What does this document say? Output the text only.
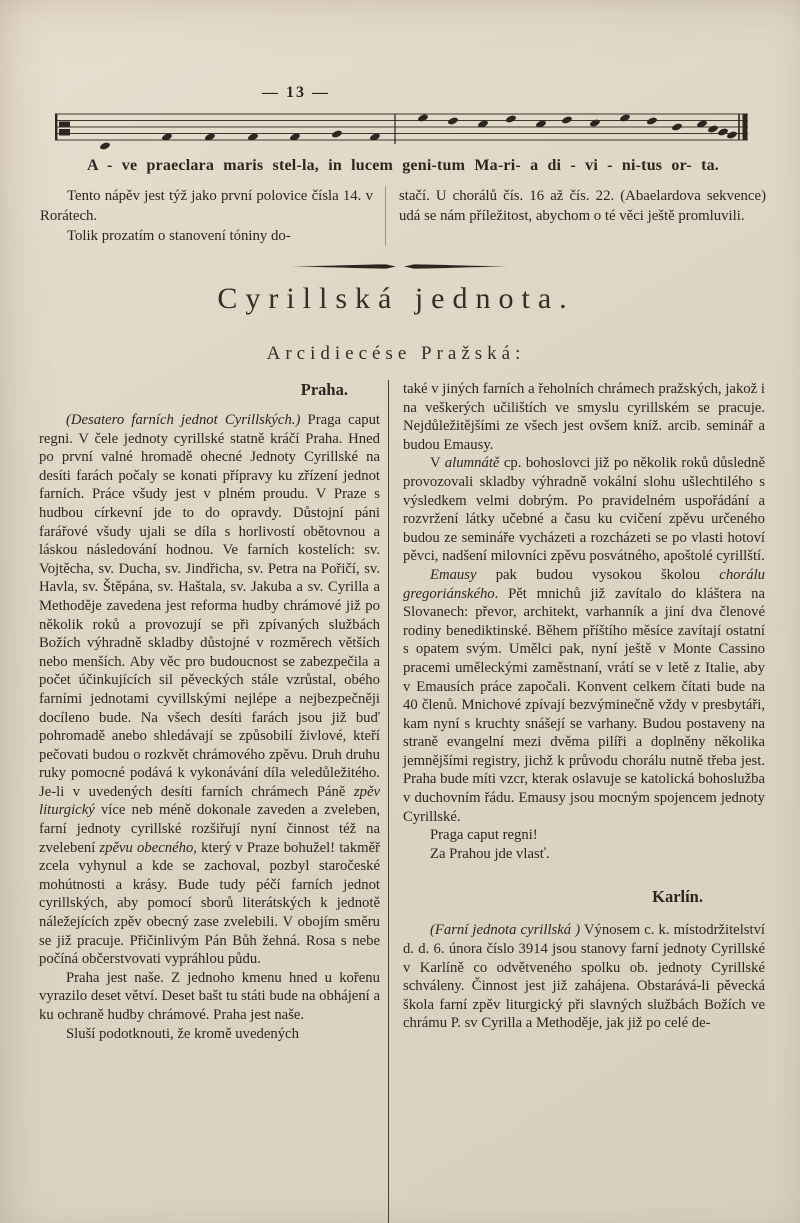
— 13 —
A - ve praeclara maris stel-la, in lucem geni-tum Ma-ri- a di - vi - ni-tus or- ta.

Tento nápěv jest týž jako první polovice čísla 14. v Rorátech.

Tolik prozatím o stanovení tóniny do-

stačí. U chorálů čís. 16 až čís. 22. (Abaelardova sekvence) udá se nám příležitost, abychom o té věci ještě promluvili.

Cyrillská jednota.
Arcidiecése Pražská:
Praha.

(Desatero farních jednot Cyrillských.) Praga caput regni. V čele jednoty cyrillské statně kráčí Praha. Hned po první valné hromadě ohecné Jednoty Cyrillské na desíti farách počaly se konati přípravy ku zřízení jednot farních. Práce všudy jest v plném proudu. V Praze s hudbou církevní jde to do opravdy. Důstojní páni farářové všudy ujali se díla s horlivostí obětovnou a láskou následování hodnou. Ve farních kostelích: sv. Vojtěcha, sv. Ducha, sv. Jindřicha, sv. Petra na Pořičí, sv. Havla, sv. Štěpána, sv. Haštala, sv. Jakuba a sv. Cyrilla a Methoděje zavedena jest reforma hudby chrámové již po několik roků a provozují se při zpívaných službách Božích výhradně skladby důstojné v rozměrech větších nebo menších. Aby věc pro budoucnost se zabezpečila a počet účinkujících sil pěveckých stále vzrůstal, obého farními jednotami cyvillskými nejlépe a nejbezpečněji docíleno bude. Na všech desíti farách jsou již buď pohromadě anebo shledávají se způsobilí živlové, kteří pečovati budou o rozkvět chrámového zpěvu. Druh druhu ruky pomocné podává k vykonávání díla veledůležitého. Je-li v uvedených desíti farních chrámech Páně zpěv liturgický více neb méně dokonale zaveden a zveleben, farní jednoty cyrillské rozšiřují nyní činnost též na zvelebení zpěvu obecného, který v Praze bohužel! takměř zcela vyhynul a kde se zachoval, pozbyl staročeské mohútnosti a krásy. Bude tudy péčí farních jednot cyrillských, aby pomocí sborů literátských k jednotě náležejících zpěv obecný zase zvelebili. V obojím směru se již pracuje. Přičinlivým Pán Bůh žehná. Rosa s nebe počíná občerstvovati vypráhlou půdu.

Praha jest naše. Z jednoho kmenu hned u kořenu vyrazilo deset větví. Deset bašt tu státi bude na obhájení a ku ochraně hudby chrámové. Praha jest naše.

Sluší podotknouti, že kromě uvedených

také v jiných farních a řeholních chrámech pražských, jakož i na veškerých učilištích ve smyslu cyrillském se pracuje. Nejdůležitějšími ze všech jest ovšem kníž. arcib. seminář a budou Emausy.

V alumnátě cp. bohoslovci již po několik roků důsledně provozovali skladby výhradně vokální slohu ušlechtilého s výsledkem velmi dobrým. Po pravidelném uspořádání a rozvržení látky učebné a času ku cvičení zpěvu určeného budou ze semináře vycházeti a rozcházeti se po vlasti hotoví pěvci, nadšení milovníci zpěvu posvátného, apoštolé cyrillští.

Emausy pak budou vysokou školou chorálu gregoriánského. Pět mnichů již zavítalo do kláštera na Slovanech: převor, architekt, varhanník a jiní dva členové rodiny benediktinské. Během příštího měsíce zavítají ostatní s opatem svým. Umělci pak, nyní ještě v Monte Cassino pracemi uměleckými zaměstnaní, vrátí se v letě z Italie, aby v Emausích práce započali. Konvent celkem čítati bude na 40 členů. Mnichové zpívají bezvýminečně vždy v presbytáři, kam nyní s kruchty snášejí se varhany. Budou postaveny na straně evangelní mezi dvěma pilíři a doplněny několika jemnějšími registry, jichž k průvodu chorálu nutně třeba jest. Praha bude míti vzcr, kterak oslavuje se katolická bohoslužba v duchovním řádu. Emausy jsou mocným spojencem jednoty Cyrillské.

Praga caput regni!

Za Prahou jde vlasť.

Karlín.

(Farní jednota cyrillská ) Výnosem c. k. místodržitelství d. d. 6. února číslo 3914 jsou stanovy farní jednoty Cyrillské v Karlíně co odvětveného spolku ob. jednoty Cyrillské schváleny. Činnost jest již zahájena. Obstarává-li pěvecká škola farní zpěv liturgický při slavných službách Božích ve chrámu P. sv Cyrilla a Methoděje, jak již po celé de-
